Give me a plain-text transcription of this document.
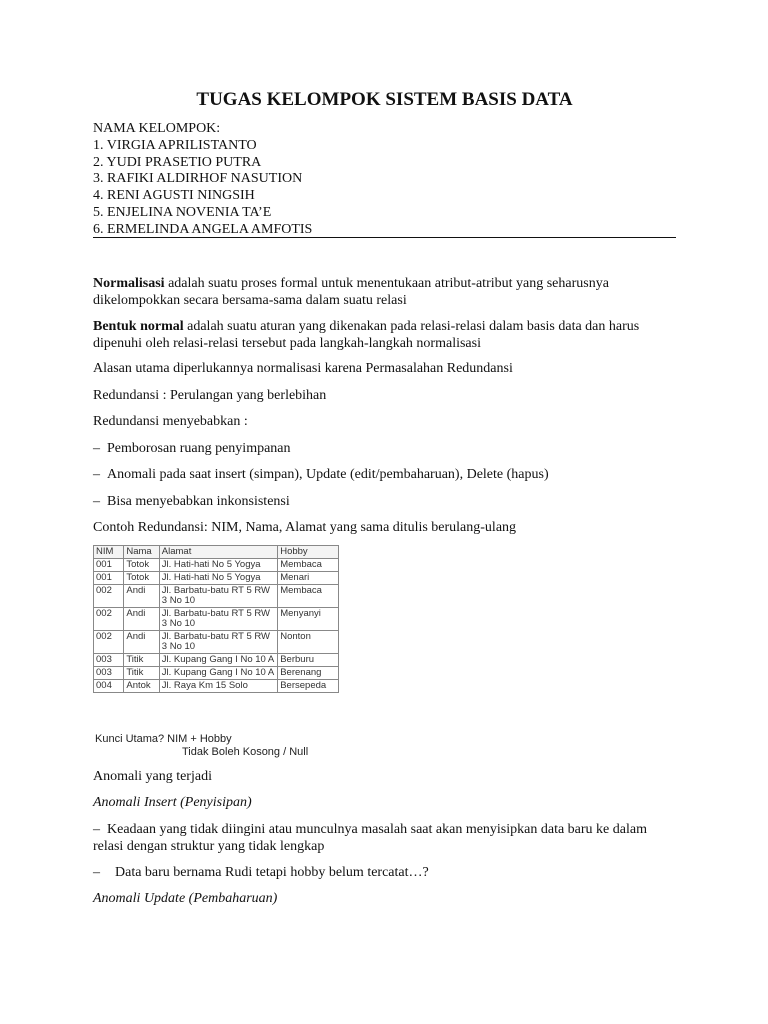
TUGAS KELOMPOK SISTEM BASIS DATA
NAMA KELOMPOK:
1. VIRGIA APRILISTANTO
2. YUDI PRASETIO PUTRA
3. RAFIKI ALDIRHOF NASUTION
4. RENI AGUSTI NINGSIH
5. ENJELINA NOVENIA TA’E
6. ERMELINDA ANGELA AMFOTIS
Normalisasi adalah suatu proses formal untuk menentukaan atribut-atribut yang seharusnya dikelompokkan secara bersama-sama dalam suatu relasi
Bentuk normal adalah suatu aturan yang dikenakan pada relasi-relasi dalam basis data dan harus dipenuhi oleh relasi-relasi tersebut pada langkah-langkah normalisasi
Alasan utama diperlukannya normalisasi karena Permasalahan Redundansi
Redundansi : Perulangan yang berlebihan
Redundansi menyebabkan :
– Pemborosan ruang penyimpanan
– Anomali pada saat insert (simpan), Update (edit/pembaharuan), Delete (hapus)
– Bisa menyebabkan inkonsistensi
Contoh Redundansi: NIM, Nama, Alamat yang sama ditulis berulang-ulang
NIM	Nama	Alamat	Hobby
001	Totok	Jl. Hati-hati No 5 Yogya	Membaca
001	Totok	Jl. Hati-hati No 5 Yogya	Menari
002	Andi	Jl. Barbatu-batu RT 5 RW 3 No 10	Membaca
002	Andi	Jl. Barbatu-batu RT 5 RW 3 No 10	Menyanyi
002	Andi	Jl. Barbatu-batu RT 5 RW 3 No 10	Nonton
003	Titik	Jl. Kupang Gang I No 10 A	Berburu
003	Titik	Jl. Kupang Gang I No 10 A	Berenang
004	Antok	Jl. Raya Km 15 Solo	Bersepeda
Kunci Utama? NIM + Hobby
Tidak Boleh Kosong / Null
Anomali yang terjadi
Anomali Insert (Penyisipan)
– Keadaan yang tidak diingini atau munculnya masalah saat akan menyisipkan data baru ke dalam relasi dengan struktur yang tidak lengkap
– Data baru bernama Rudi tetapi hobby belum tercatat…?
Anomali Update (Pembaharuan)
